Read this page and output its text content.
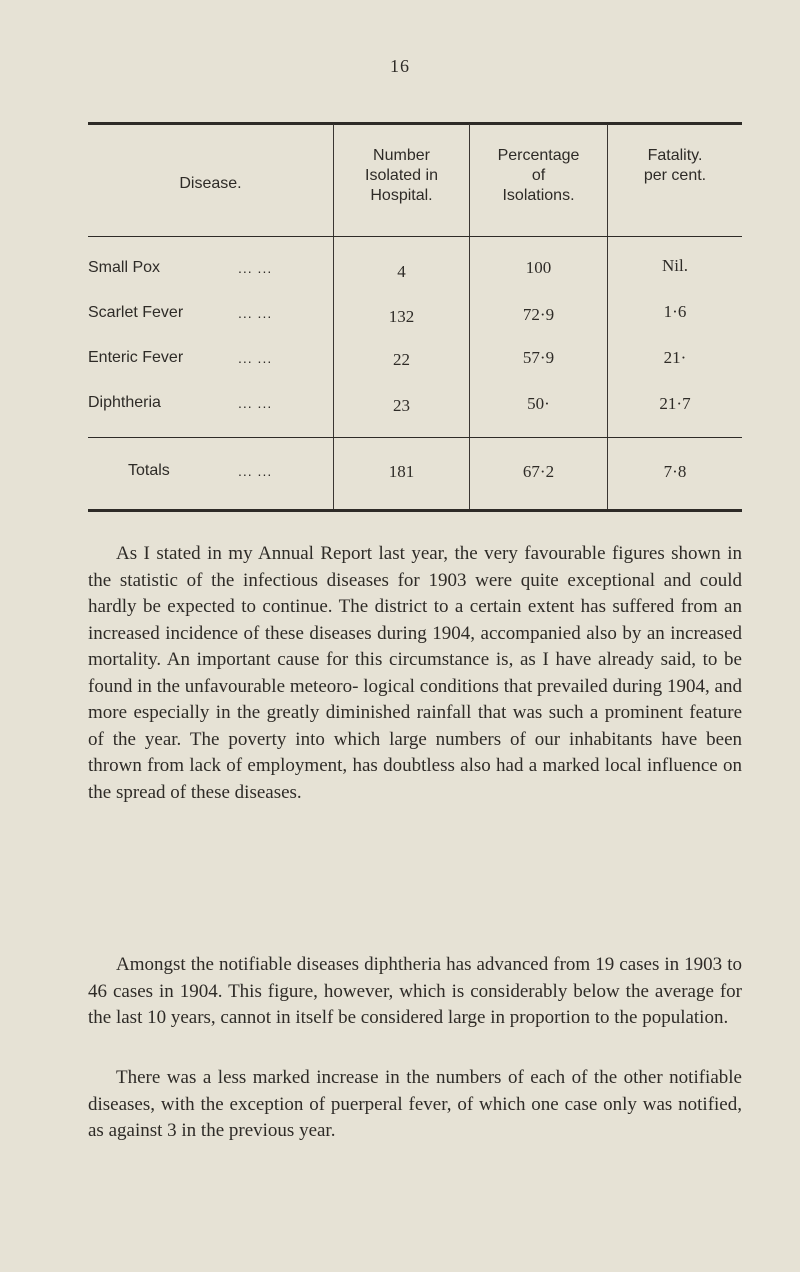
16
Disease.
Number
Isolated in
Hospital.
Percentage
of
Isolations.
Fatality.
per cent.
Small Pox	... ...	4	100	Nil.
Scarlet Fever	... ...	132	72·9	1·6
Enteric Fever	... ...	22	57·9	21·
Diphtheria	... ...	23	50·	21·7
Totals	... ...	181	67·2	7·8

As I stated in my Annual Report last year, the very favourable figures shown in the statistic of the infectious diseases for 1903 were quite exceptional and could hardly be expected to continue. The district to a certain extent has suffered from an increased incidence of these diseases during 1904, accompanied also by an increased mortality. An important cause for this circumstance is, as I have already said, to be found in the unfavourable meteoro- logical conditions that prevailed during 1904, and more especially in the greatly diminished rainfall that was such a prominent feature of the year. The poverty into which large numbers of our inhabitants have been thrown from lack of employment, has doubtless also had a marked local influence on the spread of these diseases.

Amongst the notifiable diseases diphtheria has advanced from 19 cases in 1903 to 46 cases in 1904. This figure, however, which is considerably below the average for the last 10 years, cannot in itself be considered large in proportion to the population.

There was a less marked increase in the numbers of each of the other notifiable diseases, with the exception of puerperal fever, of which one case only was notified, as against 3 in the previous year.
